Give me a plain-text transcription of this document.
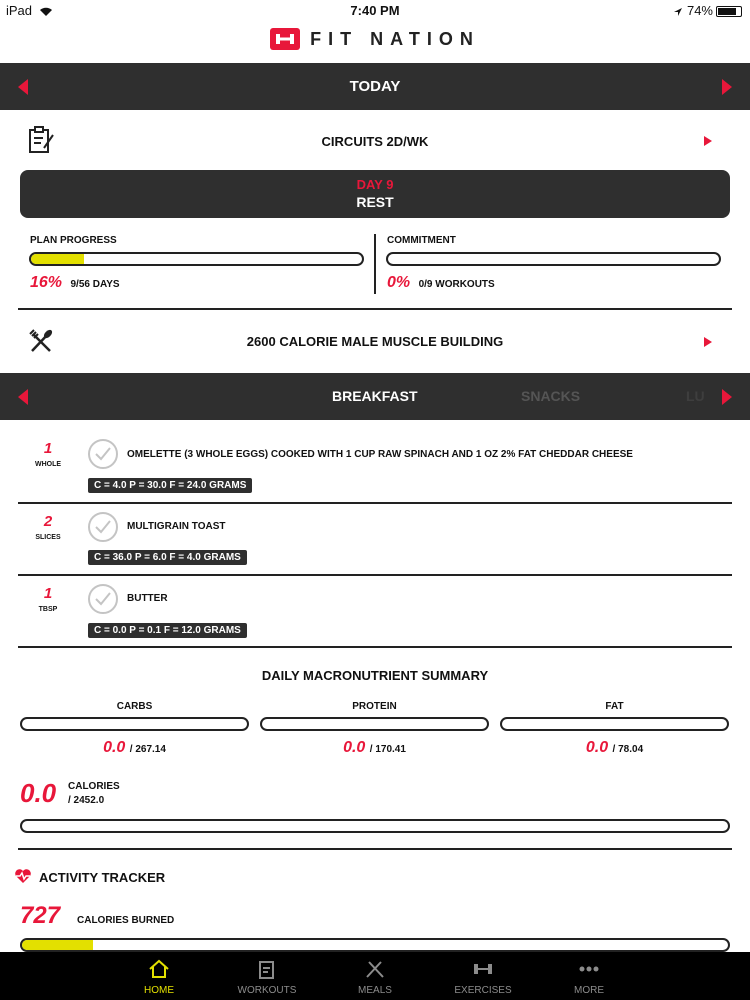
iPad	7:40 PM	74%
FIT NATION
TODAY
CIRCUITS 2D/WK
DAY 9
REST
PLAN PROGRESS
16% 9/56 DAYS
COMMITMENT
0% 0/9 WORKOUTS
2600 CALORIE MALE MUSCLE BUILDING
BREAKFAST	SNACKS	LU
1
WHOLE
OMELETTE (3 WHOLE EGGS) COOKED WITH 1 CUP RAW SPINACH AND 1 OZ 2% FAT CHEDDAR CHEESE
C = 4.0 P = 30.0 F = 24.0 GRAMS
2
SLICES
MULTIGRAIN TOAST
C = 36.0 P = 6.0 F = 4.0 GRAMS
1
TBSP
BUTTER
C = 0.0 P = 0.1 F = 12.0 GRAMS
DAILY MACRONUTRIENT SUMMARY
CARBS
0.0 / 267.14
PROTEIN
0.0 / 170.41
FAT
0.0 / 78.04
0.0 CALORIES
/ 2452.0
ACTIVITY TRACKER
727 CALORIES BURNED
HOME	WORKOUTS	MEALS	EXERCISES	MORE
